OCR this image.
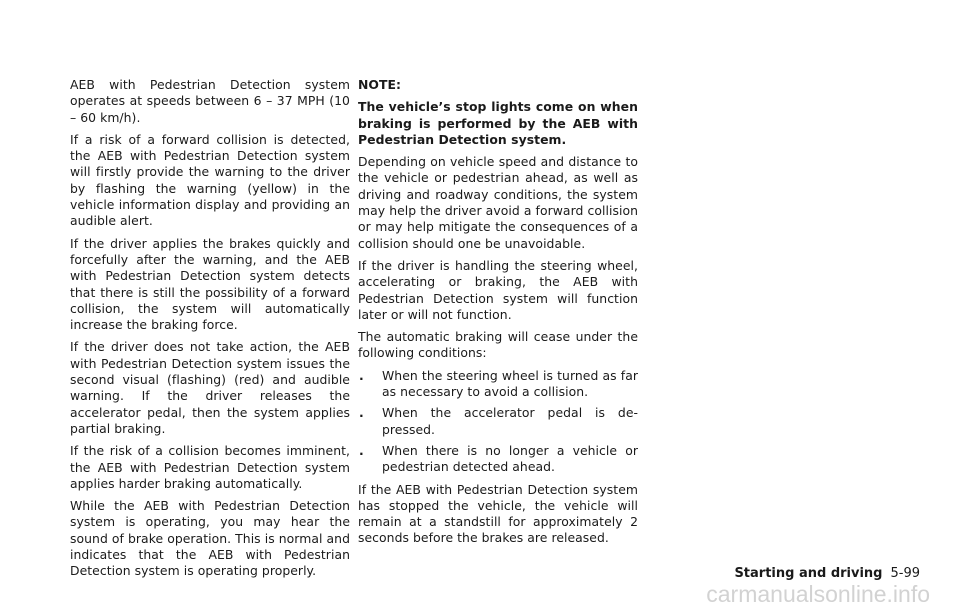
AEB with Pedestrian Detection system operates at speeds between 6 – 37 MPH (10 – 60 km/h).

If a risk of a forward collision is detected, the AEB with Pedestrian Detection system will firstly provide the warning to the driver by flashing the warning (yellow) in the vehicle information display and providing an audible alert.

If the driver applies the brakes quickly and forcefully after the warning, and the AEB with Pedestrian Detection system detects that there is still the possibility of a forward collision, the system will automatically increase the braking force.

If the driver does not take action, the AEB with Pedestrian Detection system issues the second visual (flashing) (red) and audible warning. If the driver releases the accelerator pedal, then the system applies partial braking.

If the risk of a collision becomes imminent, the AEB with Pedestrian Detection system applies harder braking automatically.

While the AEB with Pedestrian Detection system is operating, you may hear the sound of brake operation. This is normal and indicates that the AEB with Pedestrian Detection system is operating properly.

NOTE:

The vehicle’s stop lights come on when braking is performed by the AEB with Pedestrian Detection system.

Depending on vehicle speed and distance to the vehicle or pedestrian ahead, as well as driving and roadway conditions, the system may help the driver avoid a forward collision or may help mitigate the consequences of a collision should one be unavoidable.

If the driver is handling the steering wheel, accelerating or braking, the AEB with Pedestrian Detection system will function later or will not function.

The automatic braking will cease under the following conditions:

. When the steering wheel is turned as far as necessary to avoid a collision.
. When the accelerator pedal is depressed.
. When there is no longer a vehicle or pedestrian detected ahead.

If the AEB with Pedestrian Detection system has stopped the vehicle, the vehicle will remain at a standstill for approximately 2 seconds before the brakes are released.

Starting and driving 5-99
carmanualsonline.info
